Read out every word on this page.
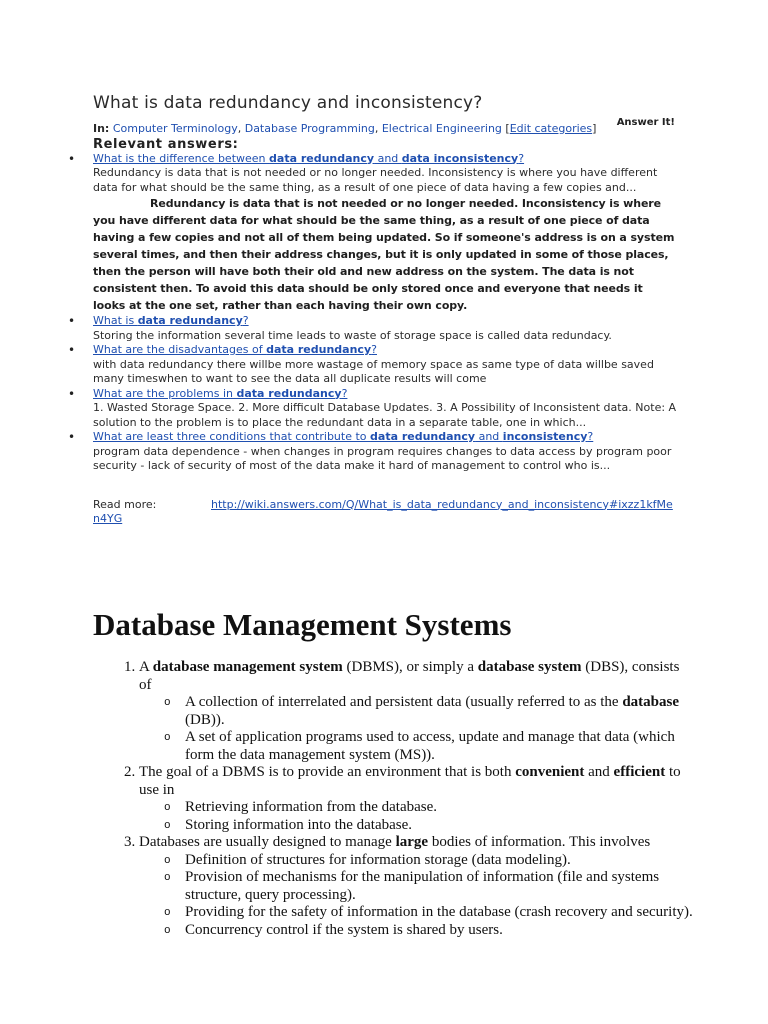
What is data redundancy and inconsistency?
Answer It!
In: Computer Terminology, Database Programming, Electrical Engineering [Edit categories]
Relevant answers:
• What is the difference between data redundancy and data inconsistency?
Redundancy is data that is not needed or no longer needed. Inconsistency is where you have different data for what should be the same thing, as a result of one piece of data having a few copies and...
Redundancy is data that is not needed or no longer needed. Inconsistency is where you have different data for what should be the same thing, as a result of one piece of data having a few copies and not all of them being updated. So if someone's address is on a system several times, and then their address changes, but it is only updated in some of those places, then the person will have both their old and new address on the system. The data is not consistent then. To avoid this data should be only stored once and everyone that needs it looks at the one set, rather than each having their own copy.
• What is data redundancy?
Storing the information several time leads to waste of storage space is called data redundacy.
• What are the disadvantages of data redundancy?
with data redundancy there willbe more wastage of memory space as same type of data willbe saved many timeswhen to want to see the data all duplicate results will come
• What are the problems in data redundancy?
1. Wasted Storage Space. 2. More difficult Database Updates. 3. A Possibility of Inconsistent data. Note: A solution to the problem is to place the redundant data in a separate table, one in which...
• What are least three conditions that contribute to data redundancy and inconsistency?
program data dependence - when changes in program requires changes to data access by program poor security - lack of security of most of the data make it hard of management to control who is...
Read more:	http://wiki.answers.com/Q/What_is_data_redundancy_and_inconsistency#ixzz1kfMen4YG
Database Management Systems
1. A database management system (DBMS), or simply a database system (DBS), consists of
o A collection of interrelated and persistent data (usually referred to as the database (DB)).
o A set of application programs used to access, update and manage that data (which form the data management system (MS)).
2. The goal of a DBMS is to provide an environment that is both convenient and efficient to use in
o Retrieving information from the database.
o Storing information into the database.
3. Databases are usually designed to manage large bodies of information. This involves
o Definition of structures for information storage (data modeling).
o Provision of mechanisms for the manipulation of information (file and systems structure, query processing).
o Providing for the safety of information in the database (crash recovery and security).
o Concurrency control if the system is shared by users.
